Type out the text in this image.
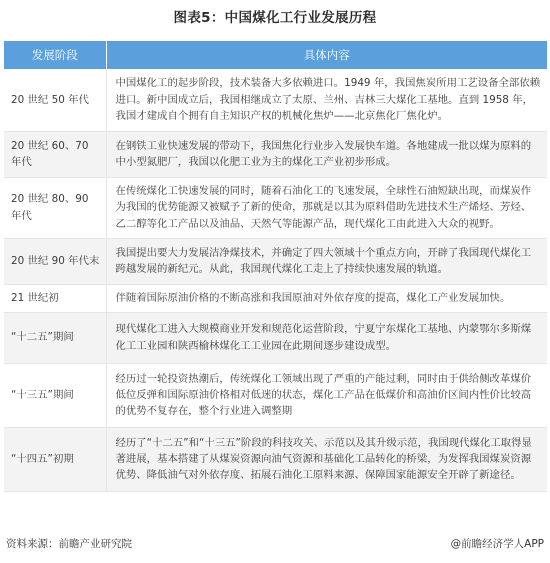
图表5：中国煤化工行业发展历程
发展阶段	具体内容
20 世纪 50 年代	中国煤化工的起步阶段，技术装备大多依赖进口。1949 年，我国焦炭所用工艺设备全部依赖进口。新中国成立后，我国相继成立了太原、兰州、吉林三大煤化工基地。直到 1958 年，我国才建成自个拥有自主知识产权的机械化焦炉——北京焦化厂焦化炉。
20 世纪 60、70 年代	在钢铁工业快速发展的带动下，我国焦化行业步入发展快车道。各地建成一批以煤为原料的中小型氮肥厂，我国以化肥工业为主的煤化工产业初步形成。
20 世纪 80、90 年代	在传统煤化工快速发展的同时，随着石油化工的飞速发展，全球性石油短缺出现，而煤炭作为我国的优势能源又被赋予了新的使命，那就是以其为原料借助先进技术生产烯烃、芳烃、乙二醇等化工产品以及油品、天然气等能源产品，现代煤化工由此进入大众的视野。
20 世纪 90 年代末	我国提出要大力发展洁净煤技术，并确定了四大领域十个重点方向，开辟了我国现代煤化工跨越发展的新纪元。从此，我国现代煤化工走上了持续快速发展的轨道。
21 世纪初	伴随着国际原油价格的不断高涨和我国原油对外依存度的提高，煤化工产业发展加快。
“十二五”期间	现代煤化工进入大规模商业开发和规范化运营阶段，宁夏宁东煤化工基地、内蒙鄂尔多斯煤化工工业园和陕西榆林煤化工工业园在此期间逐步建设成型。
“十三五”期间	经历过一轮投资热潮后，传统煤化工领域出现了严重的产能过剩，同时由于供给侧改革煤价低位反弹和国际原油价格相对低迷的状态，煤化工产品在低煤价和高油价区间内性价比较高的优势不复存在，整个行业进入调整期
“十四五”初期	经历了“十二五”和“十三五”阶段的科技攻关、示范以及其升级示范，我国现代煤化工取得显著进展，基本搭建了从煤炭资源向油气资源和基础化工品转化的桥梁，为发挥我国煤炭资源优势、降低油气对外依存度、拓展石油化工原料来源、保障国家能源安全开辟了新途径。
资料来源：前瞻产业研究院	@前瞻经济学人APP
